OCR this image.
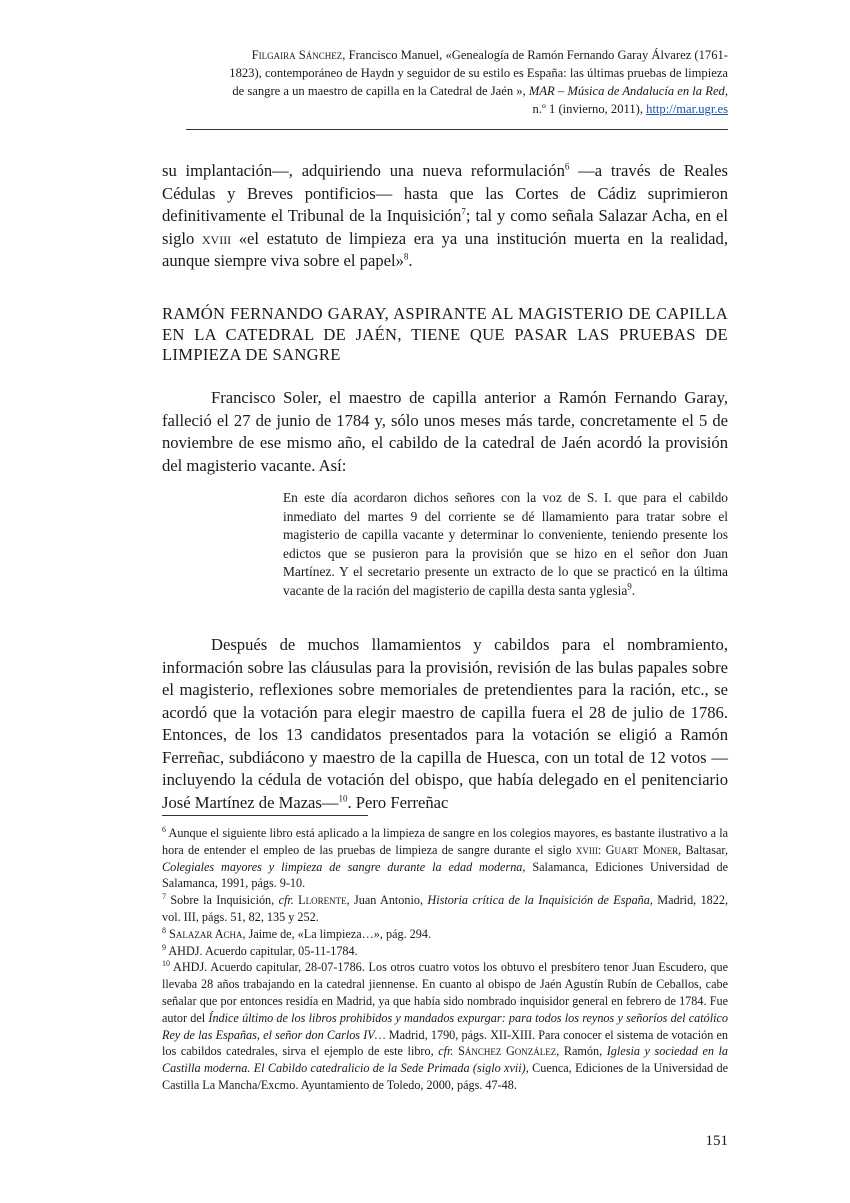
Filgaira Sánchez, Francisco Manuel, «Genealogía de Ramón Fernando Garay Álvarez (1761-
1823), contemporáneo de Haydn y seguidor de su estilo es España: las últimas pruebas de limpieza
de sangre a un maestro de capilla en la Catedral de Jaén », MAR – Música de Andalucía en la Red,
n.º 1 (invierno, 2011), http://mar.ugr.es
su implantación—, adquiriendo una nueva reformulación$^6$ —a través de Reales Cédulas y Breves pontificios— hasta que las Cortes de Cádiz suprimieron definitivamente el Tribunal de la Inquisición$^7$; tal y como señala Salazar Acha, en el siglo xviii «el estatuto de limpieza era ya una institución muerta en la realidad, aunque siempre viva sobre el papel»$^8$.
RAMÓN FERNANDO GARAY, ASPIRANTE AL MAGISTERIO DE CAPILLA EN LA CATEDRAL DE JAÉN, TIENE QUE PASAR LAS PRUEBAS DE LIMPIEZA DE SANGRE
Francisco Soler, el maestro de capilla anterior a Ramón Fernando Garay, falleció el 27 de junio de 1784 y, sólo unos meses más tarde, concretamente el 5 de noviembre de ese mismo año, el cabildo de la catedral de Jaén acordó la provisión del magisterio vacante. Así:
En este día acordaron dichos señores con la voz de S. I. que para el cabildo inmediato del martes 9 del corriente se dé llamamiento para tratar sobre el magisterio de capilla vacante y determinar lo conveniente, teniendo presente los edictos que se pusieron para la provisión que se hizo en el señor don Juan Martínez. Y el secretario presente un extracto de lo que se practicó en la última vacante de la ración del magisterio de capilla desta santa yglesia$^9$.
Después de muchos llamamientos y cabildos para el nombramiento, información sobre las cláusulas para la provisión, revisión de las bulas papales sobre el magisterio, reflexiones sobre memoriales de pretendientes para la ración, etc., se acordó que la votación para elegir maestro de capilla fuera el 28 de julio de 1786. Entonces, de los 13 candidatos presentados para la votación se eligió a Ramón Ferreñac, subdiácono y maestro de la capilla de Huesca, con un total de 12 votos —incluyendo la cédula de votación del obispo, que había delegado en el penitenciario José Martínez de Mazas—$^{10}$. Pero Ferreñac

$^6$ Aunque el siguiente libro está aplicado a la limpieza de sangre en los colegios mayores, es bastante ilustrativo a la hora de entender el empleo de las pruebas de limpieza de sangre durante el siglo xviii: Guart Moner, Baltasar, Colegiales mayores y limpieza de sangre durante la edad moderna, Salamanca, Ediciones Universidad de Salamanca, 1991, págs. 9-10.

$^7$ Sobre la Inquisición, cfr. Llorente, Juan Antonio, Historia crítica de la Inquisición de España, Madrid, 1822, vol. III, págs. 51, 82, 135 y 252.

$^8$ Salazar Acha, Jaime de, «La limpieza…», pág. 294.

$^9$ AHDJ. Acuerdo capitular, 05-11-1784.

$^{10}$ AHDJ. Acuerdo capitular, 28-07-1786. Los otros cuatro votos los obtuvo el presbítero tenor Juan Escudero, que llevaba 28 años trabajando en la catedral jiennense. En cuanto al obispo de Jaén Agustín Rubín de Ceballos, cabe señalar que por entonces residía en Madrid, ya que había sido nombrado inquisidor general en febrero de 1784. Fue autor del Índice último de los libros prohibidos y mandados expurgar: para todos los reynos y señoríos del católico Rey de las Españas, el señor don Carlos IV… Madrid, 1790, págs. XII-XIII. Para conocer el sistema de votación en los cabildos catedrales, sirva el ejemplo de este libro, cfr. Sánchez González, Ramón, Iglesia y sociedad en la Castilla moderna. El Cabildo catedralicio de la Sede Primada (siglo xvii), Cuenca, Ediciones de la Universidad de Castilla La Mancha/Excmo. Ayuntamiento de Toledo, 2000, págs. 47-48.

151
